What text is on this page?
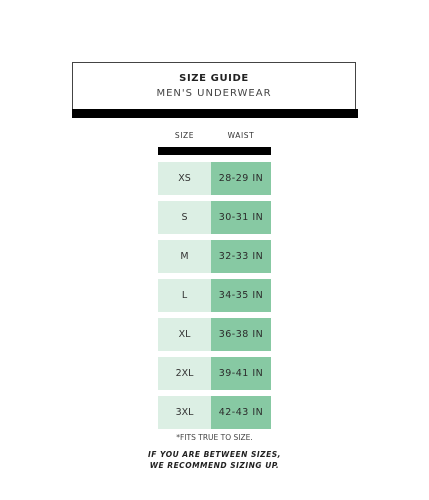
SIZE GUIDE
MEN'S UNDERWEAR
SIZE	WAIST
XS	28-29 IN
S	30-31 IN
M	32-33 IN
L	34-35 IN
XL	36-38 IN
2XL	39-41 IN
3XL	42-43 IN
*FITS TRUE TO SIZE.
IF YOU ARE BETWEEN SIZES,
WE RECOMMEND SIZING UP.
